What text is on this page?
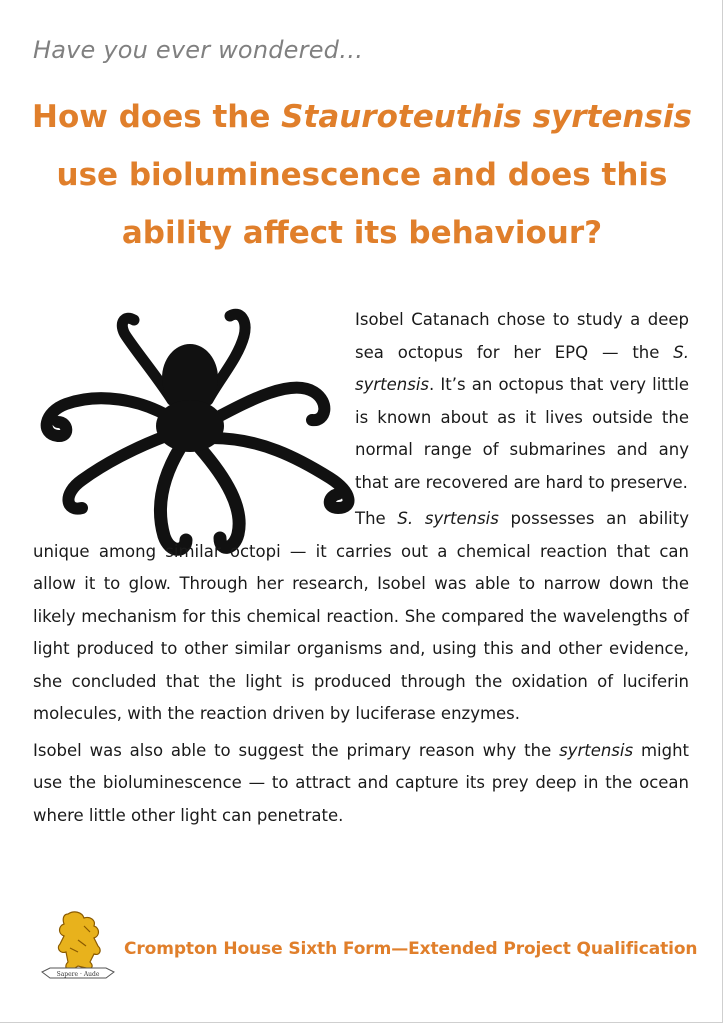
Have you ever wondered…

How does the Stauroteuthis syrtensis
use bioluminescence and does this
ability affect its behaviour?

Isobel Catanach chose to study a deep sea octopus for her EPQ — the S. syrtensis. It’s an octopus that very little is known about as it lives outside the normal range of submarines and any that are recovered are hard to preserve.

The S. syrtensis possesses an ability unique among similar octopi — it carries out a chemical reaction that can allow it to glow. Through her research, Isobel was able to narrow down the likely mechanism for this chemical reaction. She compared the wavelengths of light produced to other similar organisms and, using this and other evidence, she concluded that the light is produced through the oxidation of luciferin molecules, with the reaction driven by luciferase enzymes.

Isobel was also able to suggest the primary reason why the syrtensis might use the bioluminescence — to attract and capture its prey deep in the ocean where little other light can penetrate.

Sapere · Aude

Crompton House Sixth Form—Extended Project Qualification
